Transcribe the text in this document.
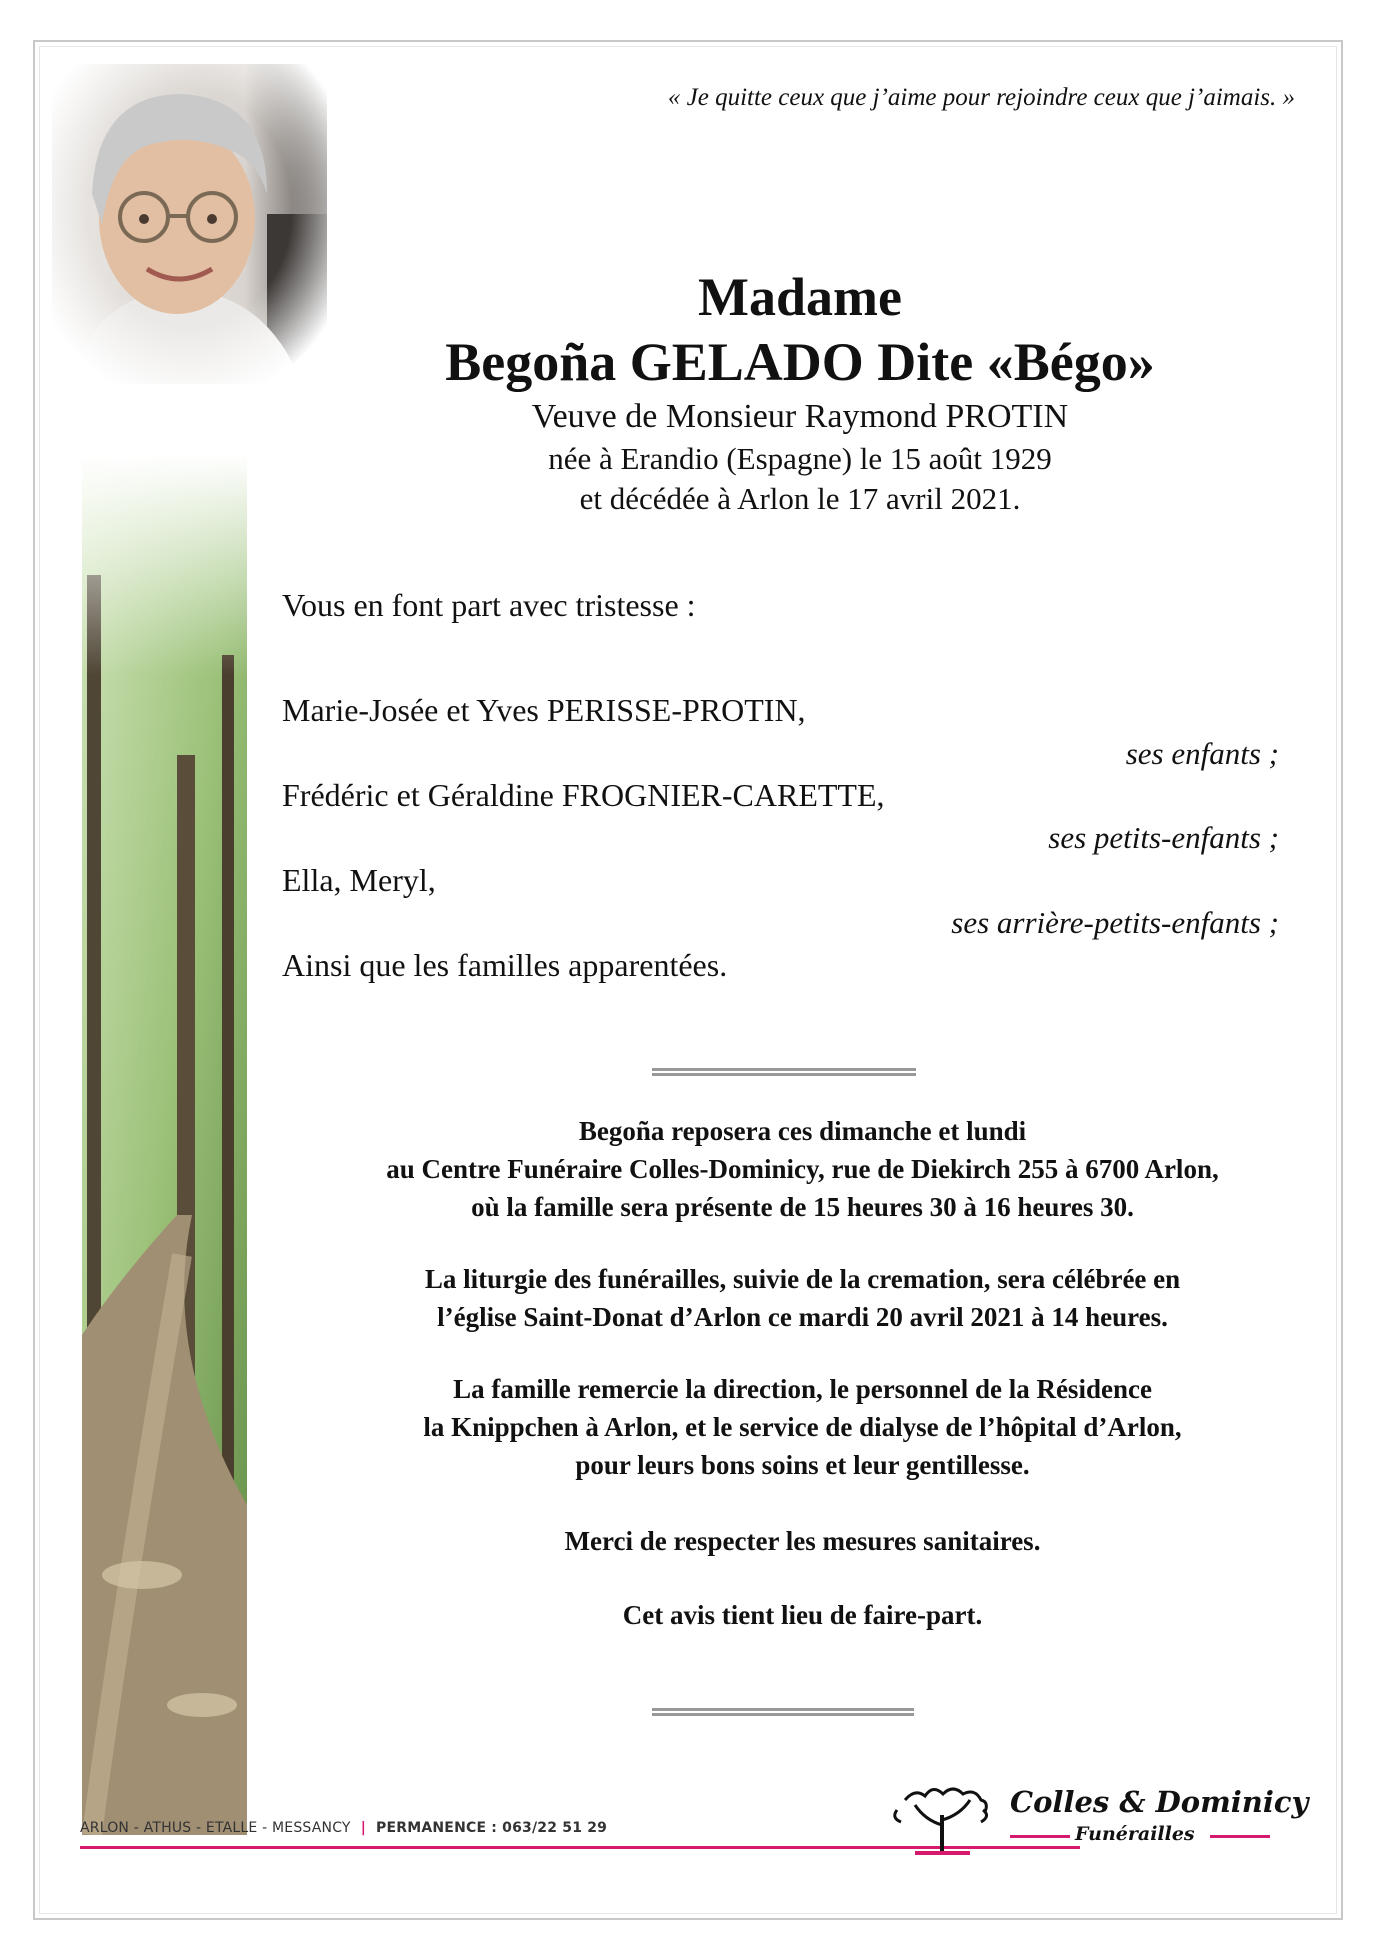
« Je quitte ceux que j’aime pour rejoindre ceux que j’aimais. »
Madame
Begoña GELADO Dite «Bégo»
Veuve de Monsieur Raymond PROTIN
née à Erandio (Espagne) le 15 août 1929
et décédée à Arlon le 17 avril 2021.
Vous en font part avec tristesse :
Marie-Josée et Yves PERISSE-PROTIN,
ses enfants ;
Frédéric et Géraldine FROGNIER-CARETTE,
ses petits-enfants ;
Ella, Meryl,
ses arrière-petits-enfants ;
Ainsi que les familles apparentées.

Begoña reposera ces dimanche et lundi

au Centre Funéraire Colles-Dominicy, rue de Diekirch 255 à 6700 Arlon,

où la famille sera présente de 15 heures 30 à 16 heures 30.

La liturgie des funérailles, suivie de la cremation, sera célébrée en

l’église Saint-Donat d’Arlon ce mardi 20 avril 2021 à 14 heures.

La famille remercie la direction, le personnel de la Résidence

la Knippchen à Arlon, et le service de dialyse de l’hôpital d’Arlon,

pour leurs bons soins et leur gentillesse.

Merci de respecter les mesures sanitaires.

Cet avis tient lieu de faire-part.

ARLON - ATHUS - ETALLE - MESSANCY | PERMANENCE : 063/22 51 29
Colles & Dominicy
Funérailles
